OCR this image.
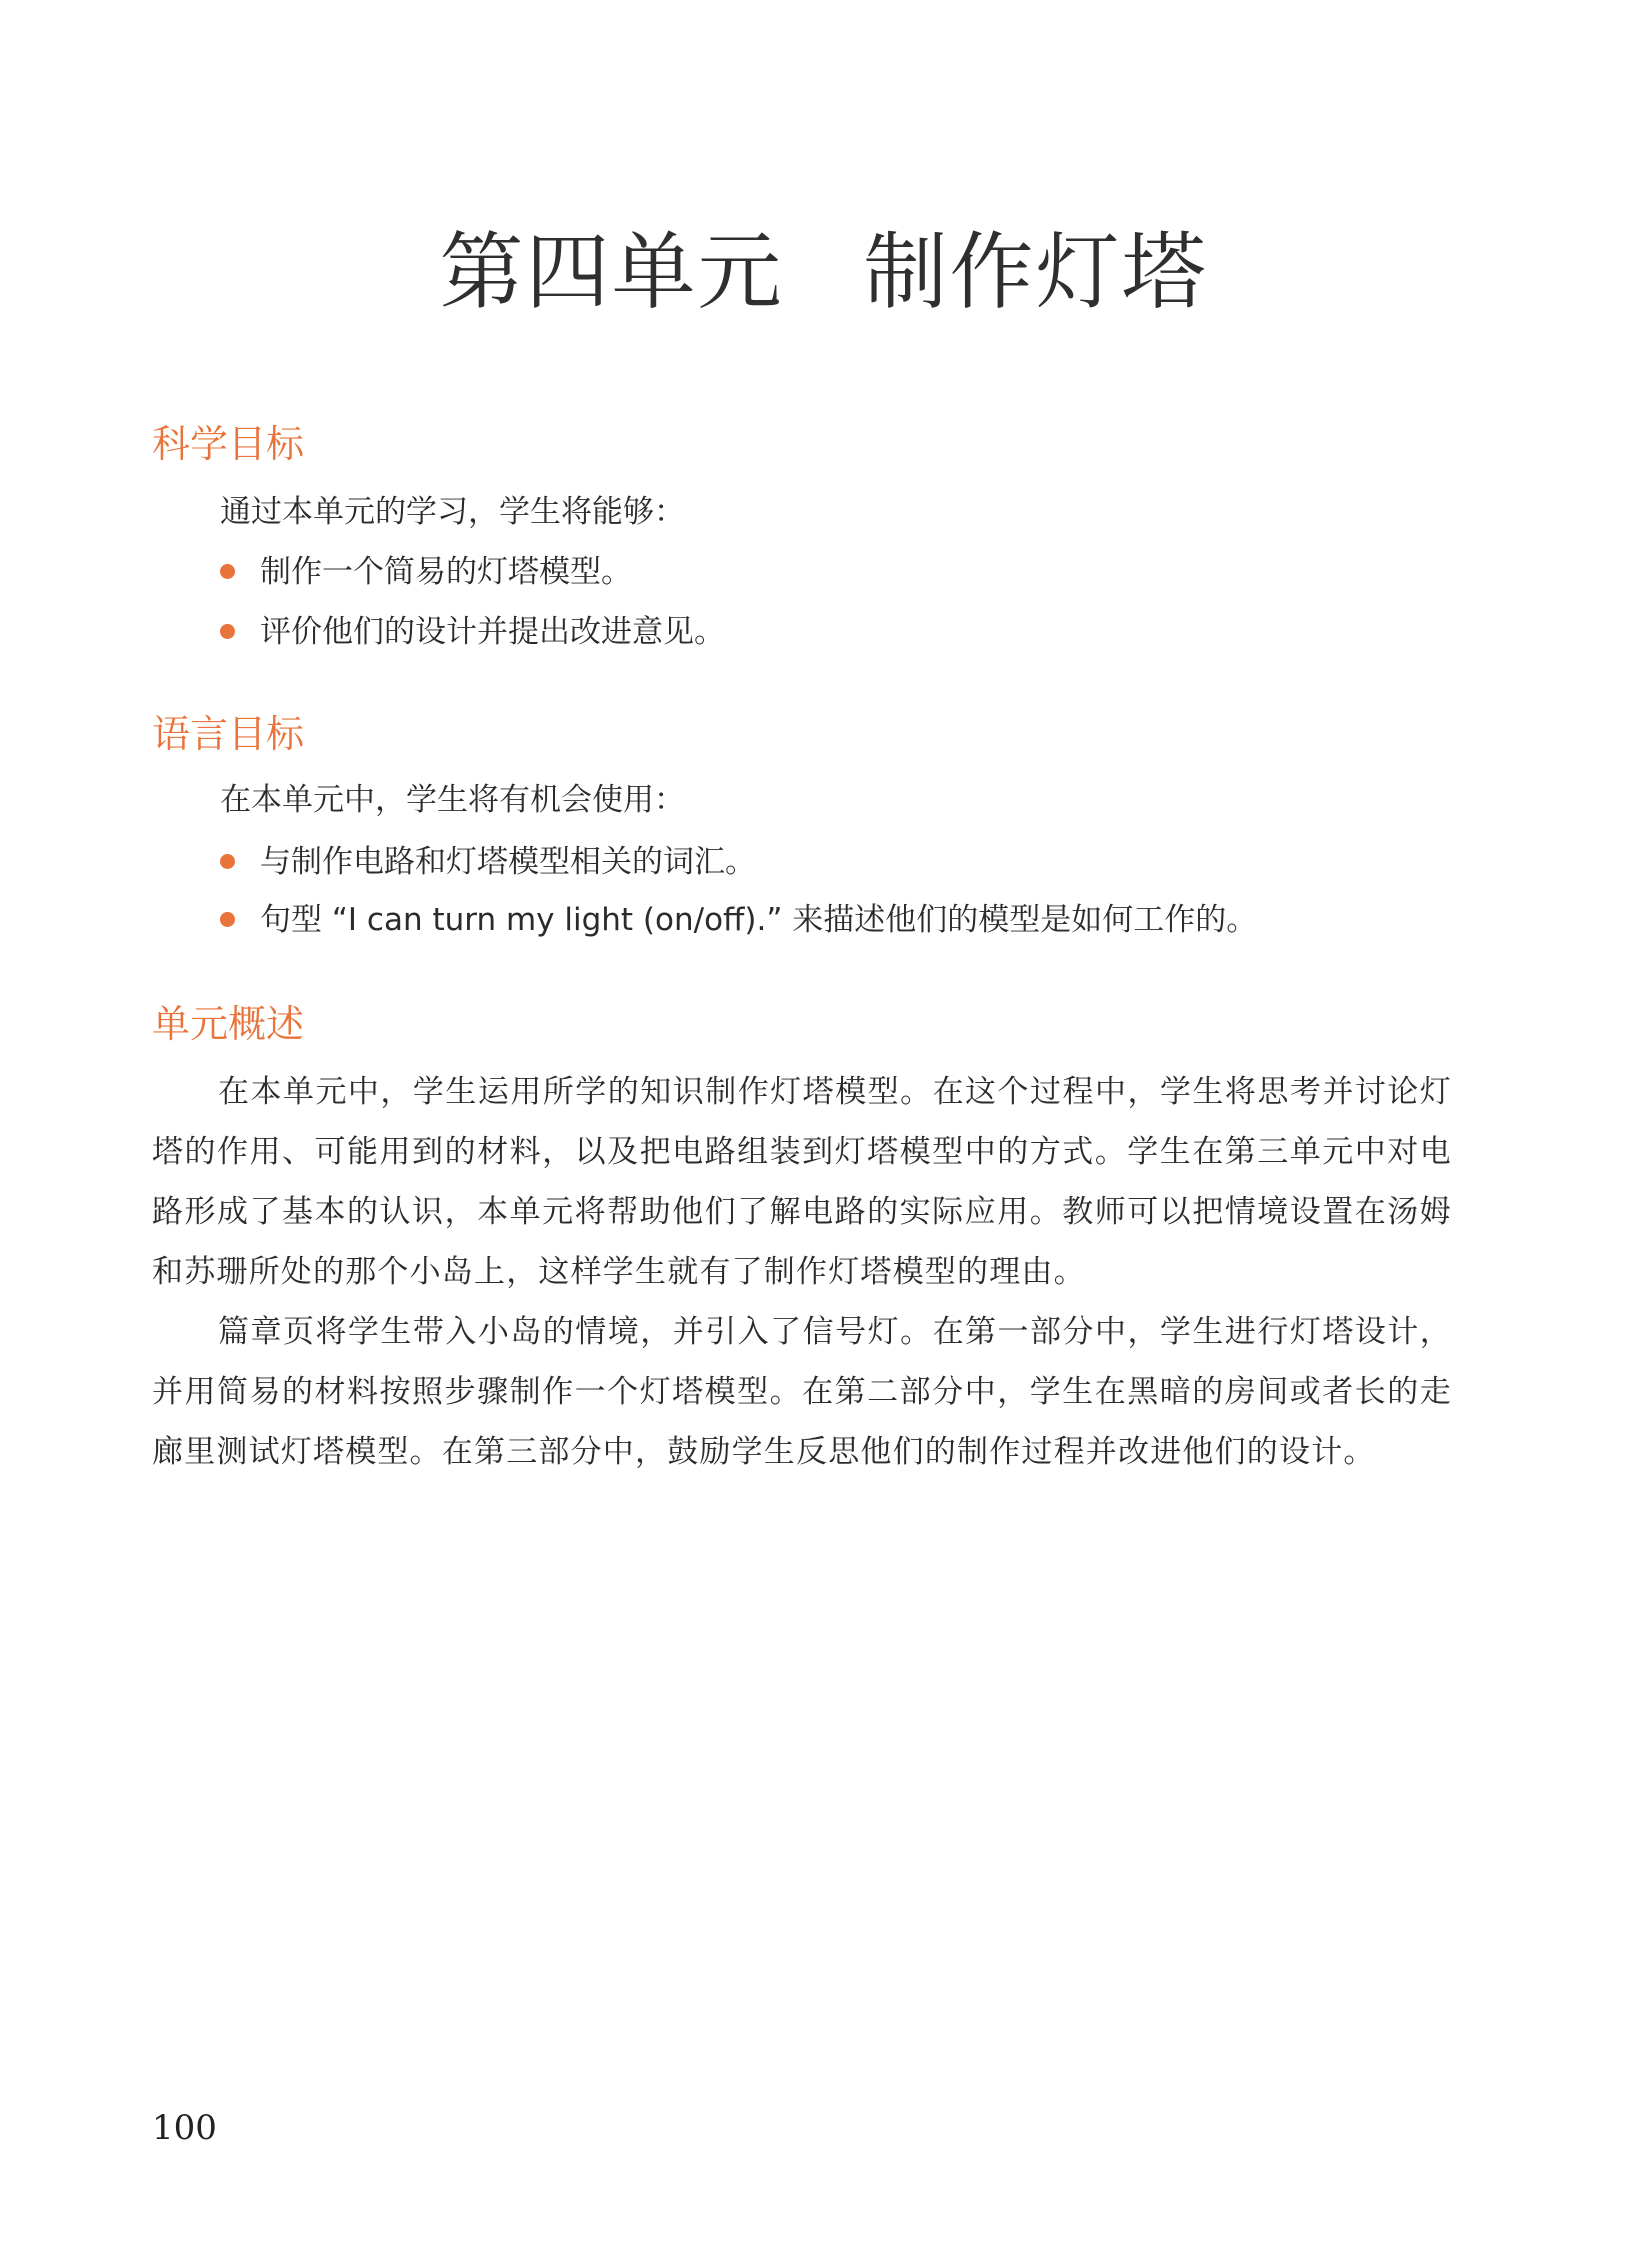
第四单元 制作灯塔
科学目标

通过本单元的学习，学生将能够：

制作一个简易的灯塔模型。

评价他们的设计并提出改进意见。

语言目标

在本单元中，学生将有机会使用：

与制作电路和灯塔模型相关的词汇。

句型 “I can turn my light (on/off).” 来描述他们的模型是如何工作的。

单元概述

在本单元中，学生运用所学的知识制作灯塔模型。在这个过程中，学生将思考并讨论灯塔的作用、可能用到的材料，以及把电路组装到灯塔模型中的方式。学生在第三单元中对电路形成了基本的认识，本单元将帮助他们了解电路的实际应用。教师可以把情境设置在汤姆和苏珊所处的那个小岛上，这样学生就有了制作灯塔模型的理由。

篇章页将学生带入小岛的情境，并引入了信号灯。在第一部分中，学生进行灯塔设计，并用简易的材料按照步骤制作一个灯塔模型。在第二部分中，学生在黑暗的房间或者长的走廊里测试灯塔模型。在第三部分中，鼓励学生反思他们的制作过程并改进他们的设计。

100
